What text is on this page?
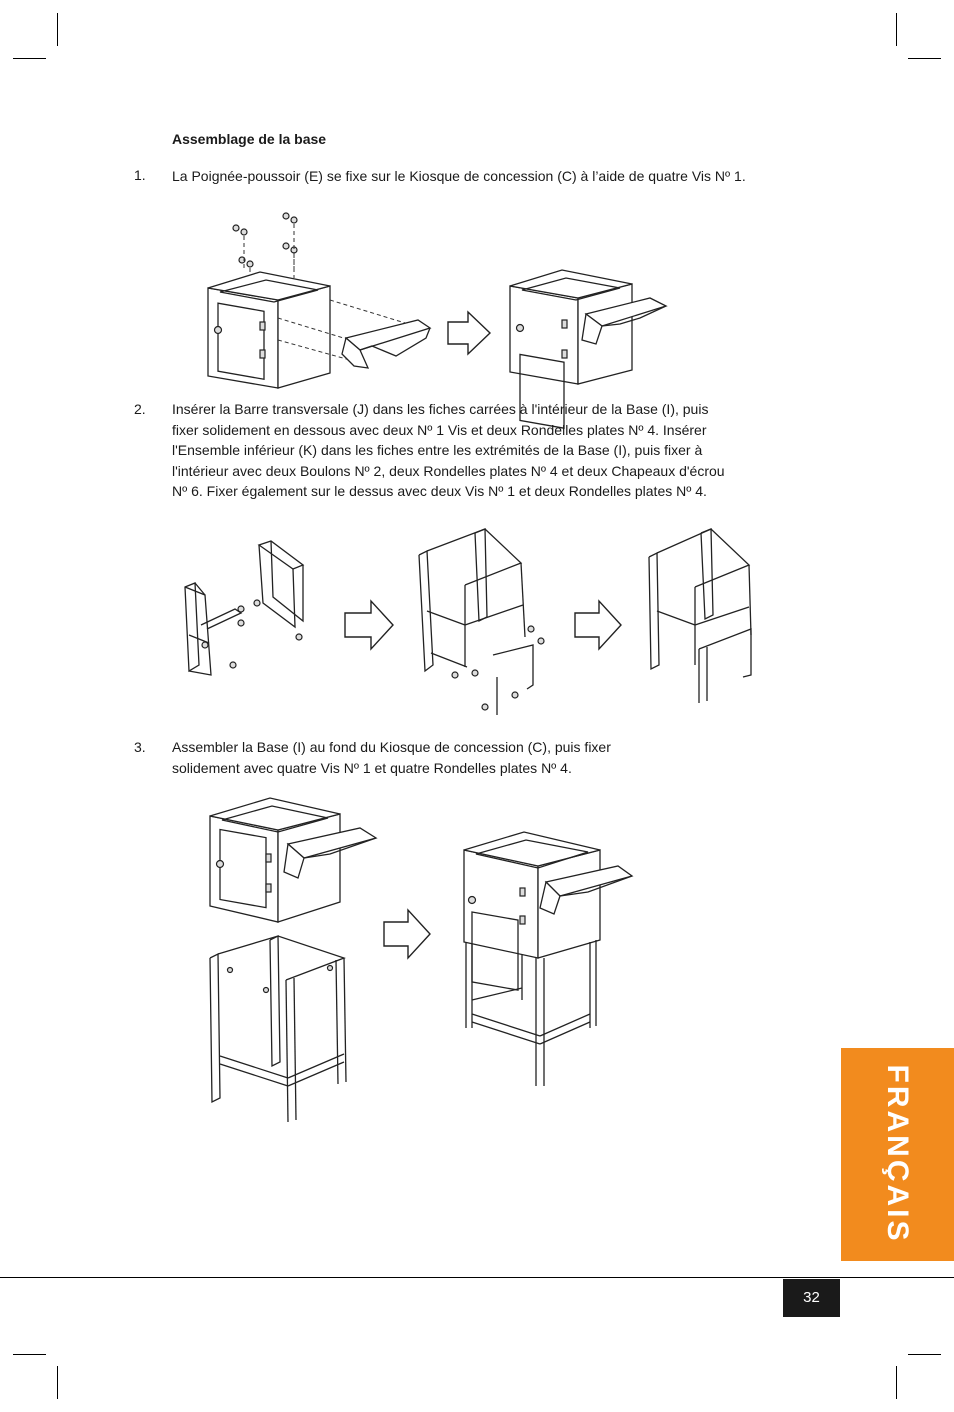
Assemblage de la base
1. La Poignée-poussoir (E) se fixe sur le Kiosque de concession (C) à l’aide de quatre Vis Nº 1.
2. Insérer la Barre transversale (J) dans les fiches carrées à l'intérieur de la Base (I), puis
fixer solidement en dessous avec deux Nº 1 Vis et deux Rondelles plates Nº 4. Insérer
l'Ensemble inférieur (K) dans les fiches entre les extrémités de la Base (I), puis fixer à
l'intérieur avec deux Boulons Nº 2, deux Rondelles plates Nº 4 et deux Chapeaux d'écrou
Nº 6. Fixer également sur le dessus avec deux Vis Nº 1 et deux Rondelles plates Nº 4.
3. Assembler la Base (I) au fond du Kiosque de concession (C), puis fixer
solidement avec quatre Vis Nº 1 et quatre Rondelles plates Nº 4.
FRANÇAIS
32
